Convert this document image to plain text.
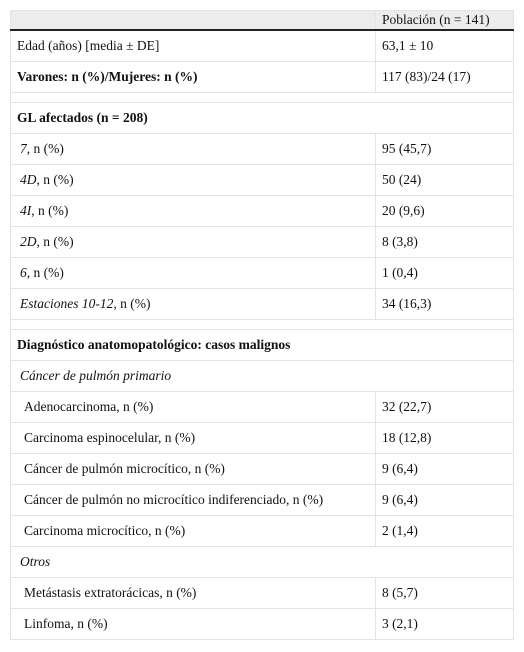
	Población (n = 141)
Edad (años) [media ± DE]	63,1 ± 10
Varones: n (%)/Mujeres: n (%)	117 (83)/24 (17)

GL afectados (n = 208)	
7, n (%)	95 (45,7)
4D, n (%)	50 (24)
4I, n (%)	20 (9,6)
2D, n (%)	8 (3,8)
6, n (%)	1 (0,4)
Estaciones 10-12, n (%)	34 (16,3)

Diagnóstico anatomopatológico: casos malignos	
Cáncer de pulmón primario	
Adenocarcinoma, n (%)	32 (22,7)
Carcinoma espinocelular, n (%)	18 (12,8)
Cáncer de pulmón microcítico, n (%)	9 (6,4)
Cáncer de pulmón no microcítico indiferenciado, n (%)	9 (6,4)
Carcinoma microcítico, n (%)	2 (1,4)
Otros	
Metástasis extratorácicas, n (%)	8 (5,7)
Linfoma, n (%)	3 (2,1)
